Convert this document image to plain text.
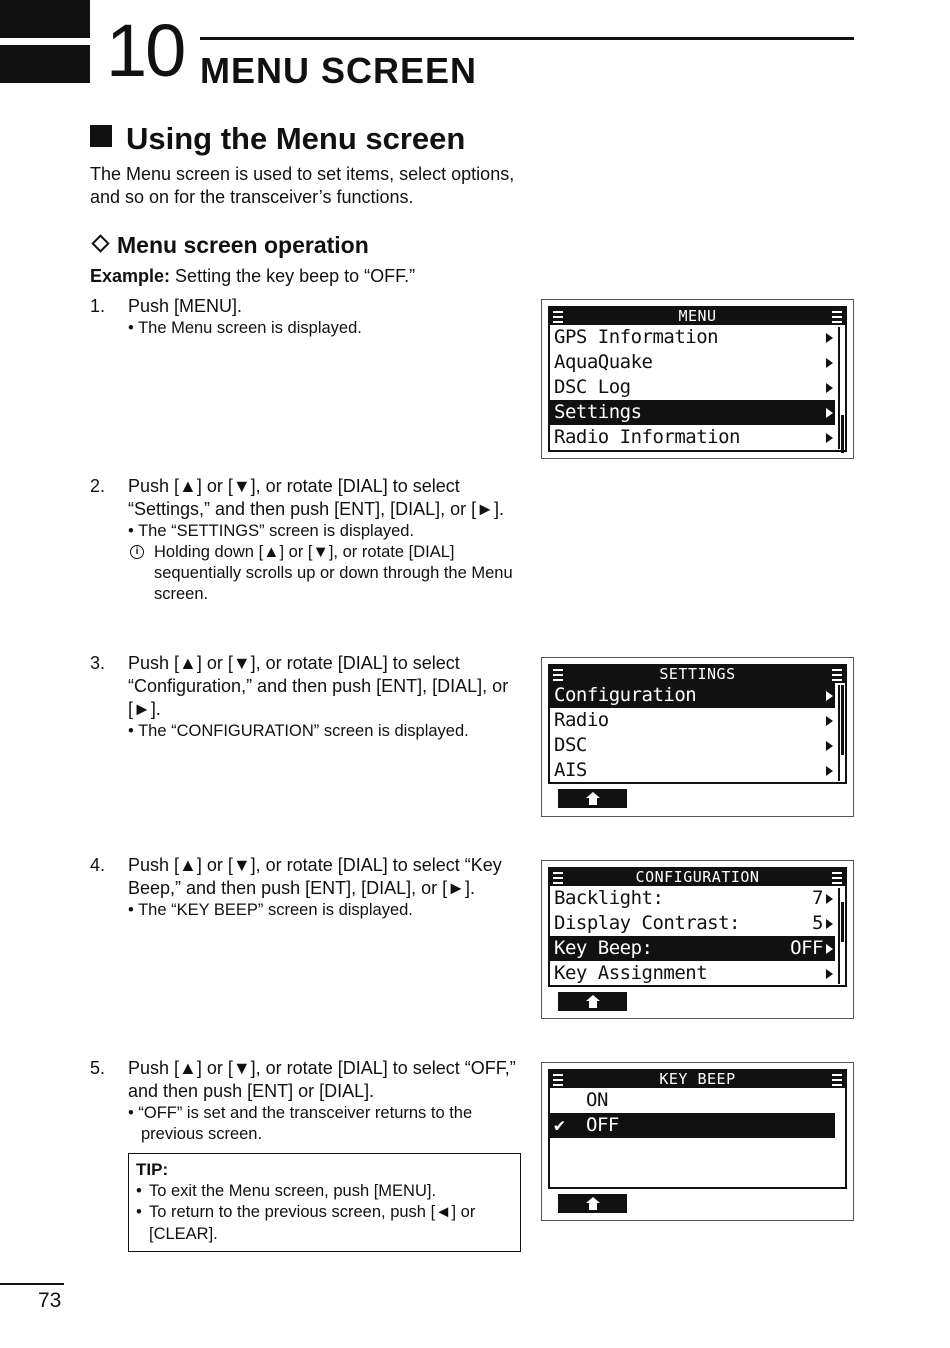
10 MENU SCREEN
Using the Menu screen
The Menu screen is used to set items, select options, and so on for the transceiver’s functions.
Menu screen operation
Example: Setting the key beep to “OFF.”
1. Push [MENU].
• The Menu screen is displayed.
2. Push [▲] or [▼], or rotate [DIAL] to select “Settings,” and then push [ENT], [DIAL], or [►].
• The “SETTINGS” screen is displayed.
i Holding down [▲] or [▼], or rotate [DIAL] sequentially scrolls up or down through the Menu screen.
3. Push [▲] or [▼], or rotate [DIAL] to select “Configuration,” and then push [ENT], [DIAL], or [►].
• The “CONFIGURATION” screen is displayed.
4. Push [▲] or [▼], or rotate [DIAL] to select “Key Beep,” and then push [ENT], [DIAL], or [►].
• The “KEY BEEP” screen is displayed.
5. Push [▲] or [▼], or rotate [DIAL] to select “OFF,” and then push [ENT] or [DIAL].
• “OFF” is set and the transceiver returns to the previous screen.
TIP:
• To exit the Menu screen, push [MENU].
• To return to the previous screen, push [◄] or [CLEAR].
MENU
GPS Information
AquaQuake
DSC Log
Settings
Radio Information
SETTINGS
Configuration
Radio
DSC
AIS
CONFIGURATION
Backlight:	7
Display Contrast:	5
Key Beep:	OFF
Key Assignment
KEY BEEP
ON
✔ OFF
73
